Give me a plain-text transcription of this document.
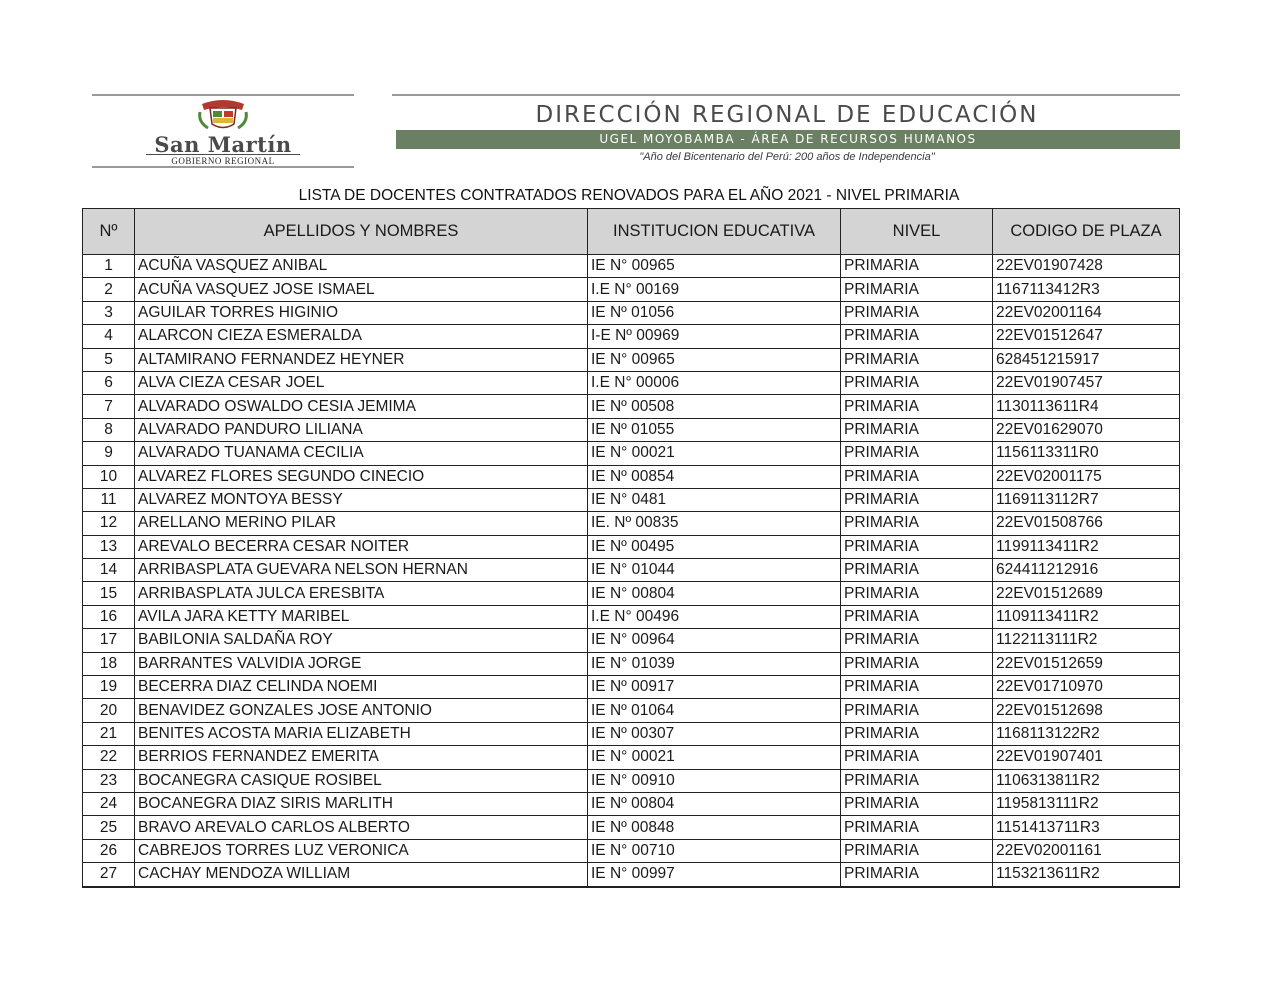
San Martín
GOBIERNO REGIONAL
DIRECCIÓN REGIONAL DE EDUCACIÓN
UGEL MOYOBAMBA - ÁREA DE RECURSOS HUMANOS
"Año del Bicentenario del Perú: 200 años de Independencia"
LISTA DE DOCENTES CONTRATADOS RENOVADOS PARA EL AÑO 2021 - NIVEL PRIMARIA
Nº	APELLIDOS Y NOMBRES	INSTITUCION EDUCATIVA	NIVEL	CODIGO DE PLAZA
1	ACUÑA VASQUEZ ANIBAL	IE N° 00965	PRIMARIA	22EV01907428
2	ACUÑA VASQUEZ JOSE ISMAEL	I.E N° 00169	PRIMARIA	1167113412R3
3	AGUILAR TORRES HIGINIO	IE Nº 01056	PRIMARIA	22EV02001164
4	ALARCON CIEZA ESMERALDA	I-E Nº 00969	PRIMARIA	22EV01512647
5	ALTAMIRANO FERNANDEZ HEYNER	IE N° 00965	PRIMARIA	628451215917
6	ALVA CIEZA CESAR JOEL	I.E N° 00006	PRIMARIA	22EV01907457
7	ALVARADO OSWALDO CESIA JEMIMA	IE Nº 00508	PRIMARIA	1130113611R4
8	ALVARADO PANDURO LILIANA	IE Nº 01055	PRIMARIA	22EV01629070
9	ALVARADO TUANAMA CECILIA	IE N° 00021	PRIMARIA	1156113311R0
10	ALVAREZ FLORES SEGUNDO CINECIO	IE Nº 00854	PRIMARIA	22EV02001175
11	ALVAREZ MONTOYA BESSY	IE N° 0481	PRIMARIA	1169113112R7
12	ARELLANO MERINO PILAR	IE. Nº 00835	PRIMARIA	22EV01508766
13	AREVALO BECERRA CESAR NOITER	IE Nº 00495	PRIMARIA	1199113411R2
14	ARRIBASPLATA GUEVARA NELSON HERNAN	IE N° 01044	PRIMARIA	624411212916
15	ARRIBASPLATA JULCA ERESBITA	IE N° 00804	PRIMARIA	22EV01512689
16	AVILA JARA KETTY MARIBEL	I.E N° 00496	PRIMARIA	1109113411R2
17	BABILONIA SALDAÑA ROY	IE N° 00964	PRIMARIA	1122113111R2
18	BARRANTES VALVIDIA JORGE	IE N° 01039	PRIMARIA	22EV01512659
19	BECERRA DIAZ CELINDA NOEMI	IE Nº 00917	PRIMARIA	22EV01710970
20	BENAVIDEZ GONZALES JOSE ANTONIO	IE Nº 01064	PRIMARIA	22EV01512698
21	BENITES ACOSTA MARIA ELIZABETH	IE Nº 00307	PRIMARIA	1168113122R2
22	BERRIOS FERNANDEZ EMERITA	IE N° 00021	PRIMARIA	22EV01907401
23	BOCANEGRA CASIQUE ROSIBEL	IE N° 00910	PRIMARIA	1106313811R2
24	BOCANEGRA DIAZ SIRIS MARLITH	IE Nº 00804	PRIMARIA	1195813111R2
25	BRAVO AREVALO CARLOS ALBERTO	IE Nº 00848	PRIMARIA	1151413711R3
26	CABREJOS TORRES LUZ VERONICA	IE N° 00710	PRIMARIA	22EV02001161
27	CACHAY MENDOZA WILLIAM	IE N° 00997	PRIMARIA	1153213611R2
